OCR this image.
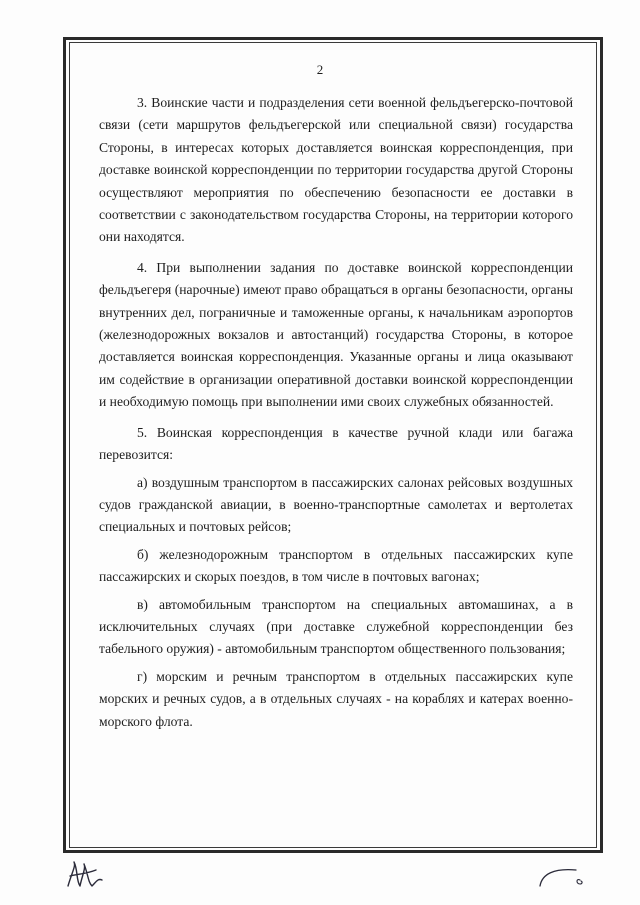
2

3. Воинские части и подразделения сети военной фельдъегерско-почтовой связи (сети маршрутов фельдъегерской или специальной связи) государства Стороны, в интересах которых доставляется воинская корреспонденция, при доставке воинской корреспонденции по территории государства другой Стороны осуществляют мероприятия по обеспечению безопасности ее доставки в соответствии с законодательством государства Стороны, на территории которого они находятся.

4. При выполнении задания по доставке воинской корреспонденции фельдъегеря (нарочные) имеют право обращаться в органы безопасности, органы внутренних дел, пограничные и таможенные органы, к начальникам аэропортов (железнодорожных вокзалов и автостанций) государства Стороны, в которое доставляется воинская корреспонденция. Указанные органы и лица оказывают им содействие в организации оперативной доставки воинской корреспонденции и необходимую помощь при выполнении ими своих служебных обязанностей.

5. Воинская корреспонденция в качестве ручной клади или багажа перевозится:

а) воздушным транспортом в пассажирских салонах рейсовых воздушных судов гражданской авиации, в военно-транспортные самолетах и вертолетах специальных и почтовых рейсов;

б) железнодорожным транспортом в отдельных пассажирских купе пассажирских и скорых поездов, в том числе в почтовых вагонах;

в) автомобильным транспортом на специальных автомашинах, а в исключительных случаях (при доставке служебной корреспонденции без табельного оружия) - автомобильным транспортом общественного пользования;

г) морским и речным транспортом в отдельных пассажирских купе морских и речных судов, а в отдельных случаях - на кораблях и катерах военно-морского флота.
